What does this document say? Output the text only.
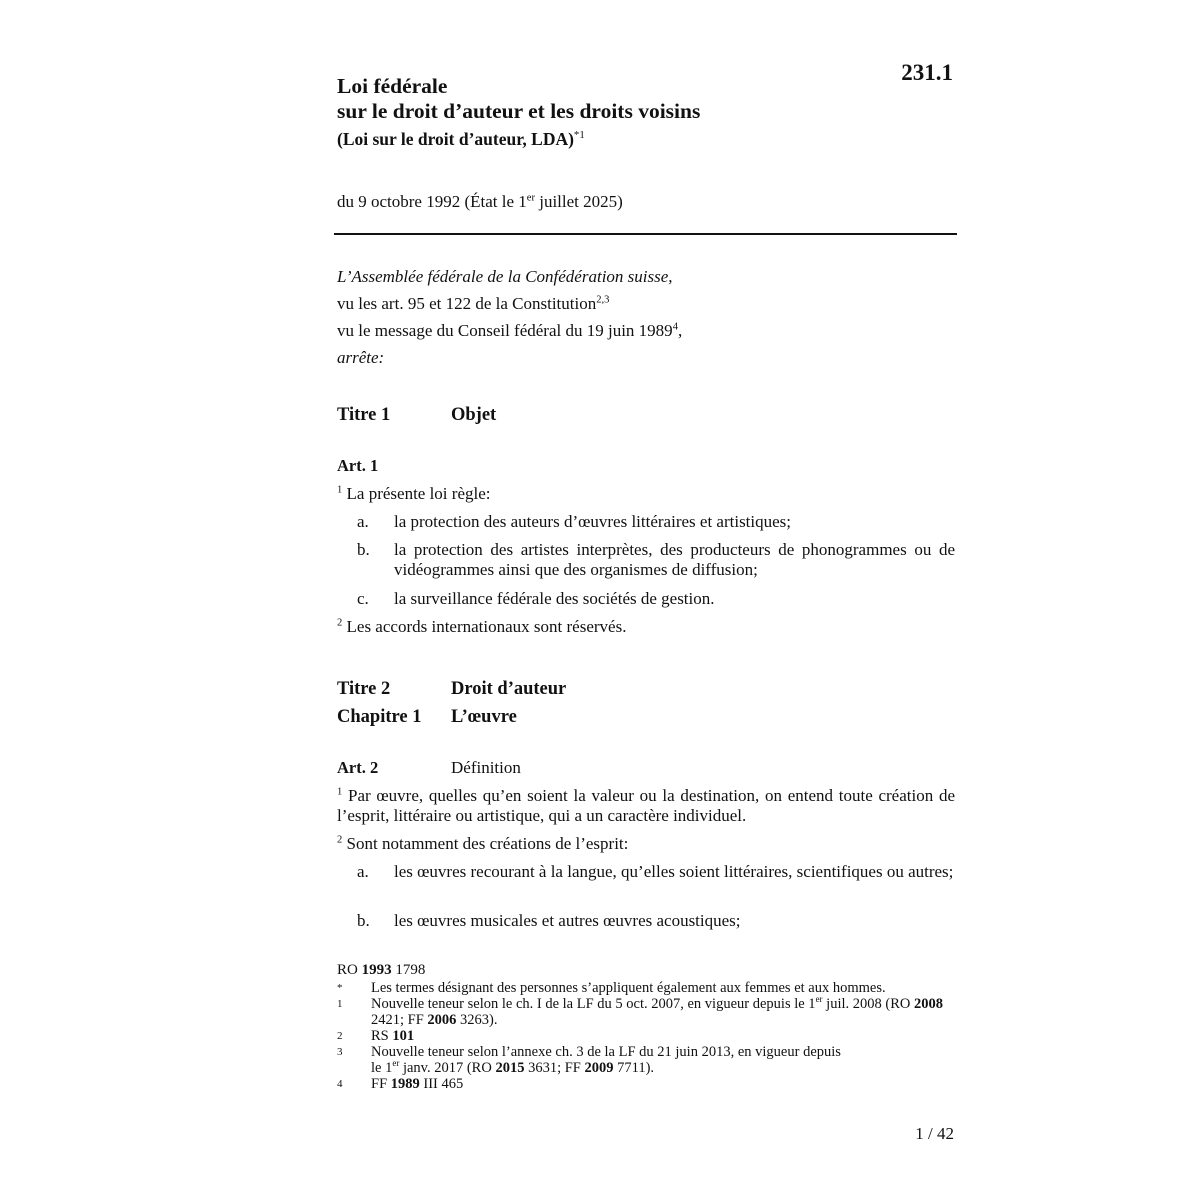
231.1
Loi fédérale
sur le droit d’auteur et les droits voisins
(Loi sur le droit d’auteur, LDA)$^{*1}$
du 9 octobre 1992 (État le 1er juillet 2025)
L’Assemblée fédérale de la Confédération suisse,
vu les art. 95 et 122 de la Constitution$^{2,3}$
vu le message du Conseil fédéral du 19 juin 1989$^4$,
arrête:
Titre 1	Objet
Art. 1
$^1$ La présente loi règle:
a. la protection des auteurs d’œuvres littéraires et artistiques;
b. la protection des artistes interprètes, des producteurs de phonogrammes ou de vidéogrammes ainsi que des organismes de diffusion;
c. la surveillance fédérale des sociétés de gestion.
$^2$ Les accords internationaux sont réservés.
Titre 2	Droit d’auteur
Chapitre 1 L’œuvre
Art. 2	Définition
$^1$ Par œuvre, quelles qu’en soient la valeur ou la destination, on entend toute création de l’esprit, littéraire ou artistique, qui a un caractère individuel.
$^2$ Sont notamment des créations de l’esprit:
a. les œuvres recourant à la langue, qu’elles soient littéraires, scientifiques ou autres;
b. les œuvres musicales et autres œuvres acoustiques;
RO 1993 1798
* Les termes désignant des personnes s’appliquent également aux femmes et aux hommes.
1 Nouvelle teneur selon le ch. I de la LF du 5 oct. 2007, en vigueur depuis le 1er juil. 2008 (RO 2008 2421; FF 2006 3263).
2 RS 101
3 Nouvelle teneur selon l’annexe ch. 3 de la LF du 21 juin 2013, en vigueur depuis
le 1er janv. 2017 (RO 2015 3631; FF 2009 7711).
4 FF 1989 III 465
1 / 42
